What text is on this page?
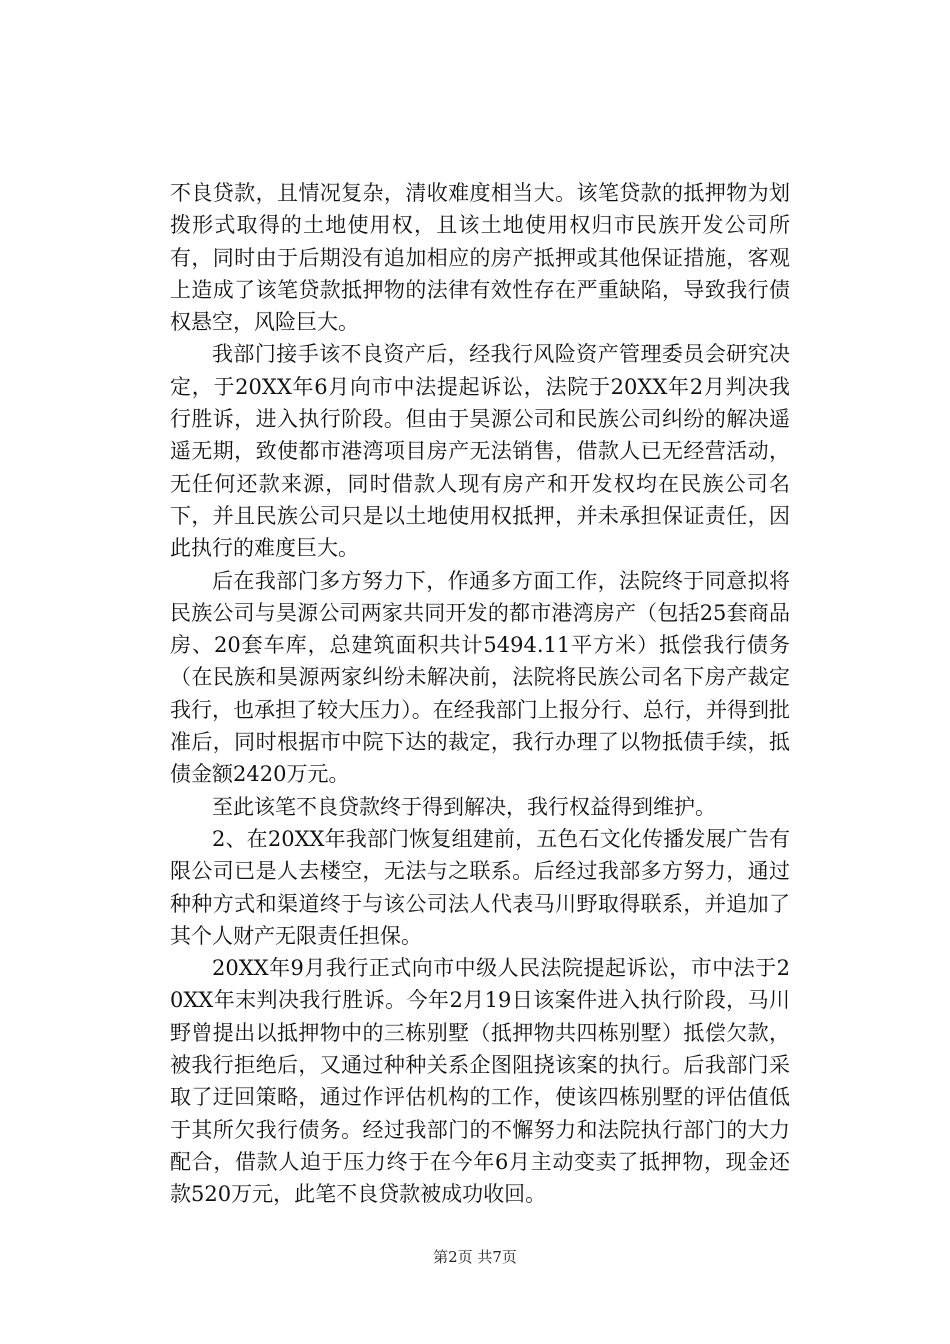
不良贷款，且情况复杂，清收难度相当大。该笔贷款的抵押物为划拨形式取得的土地使用权，且该土地使用权归市民族开发公司所有，同时由于后期没有追加相应的房产抵押或其他保证措施，客观上造成了该笔贷款抵押物的法律有效性存在严重缺陷，导致我行债权悬空，风险巨大。

我部门接手该不良资产后，经我行风险资产管理委员会研究决定，于20XX年6月向市中法提起诉讼，法院于20XX年2月判决我行胜诉，进入执行阶段。但由于昊源公司和民族公司纠纷的解决遥遥无期，致使都市港湾项目房产无法销售，借款人已无经营活动，无任何还款来源，同时借款人现有房产和开发权均在民族公司名下，并且民族公司只是以土地使用权抵押，并未承担保证责任，因此执行的难度巨大。

后在我部门多方努力下，作通多方面工作，法院终于同意拟将民族公司与昊源公司两家共同开发的都市港湾房产（包括25套商品房、20套车库，总建筑面积共计5494.11平方米）抵偿我行债务（在民族和昊源两家纠纷未解决前，法院将民族公司名下房产裁定我行，也承担了较大压力）。在经我部门上报分行、总行，并得到批准后，同时根据市中院下达的裁定，我行办理了以物抵债手续，抵债金额2420万元。

至此该笔不良贷款终于得到解决，我行权益得到维护。

2、在20XX年我部门恢复组建前，五色石文化传播发展广告有限公司已是人去楼空，无法与之联系。后经过我部多方努力，通过种种方式和渠道终于与该公司法人代表马川野取得联系，并追加了其个人财产无限责任担保。

20XX年9月我行正式向市中级人民法院提起诉讼，市中法于20XX年末判决我行胜诉。今年2月19日该案件进入执行阶段，马川野曾提出以抵押物中的三栋别墅（抵押物共四栋别墅）抵偿欠款，被我行拒绝后，又通过种种关系企图阻挠该案的执行。后我部门采取了迂回策略，通过作评估机构的工作，使该四栋别墅的评估值低于其所欠我行债务。经过我部门的不懈努力和法院执行部门的大力配合，借款人迫于压力终于在今年6月主动变卖了抵押物，现金还款520万元，此笔不良贷款被成功收回。

第2页 共7页
